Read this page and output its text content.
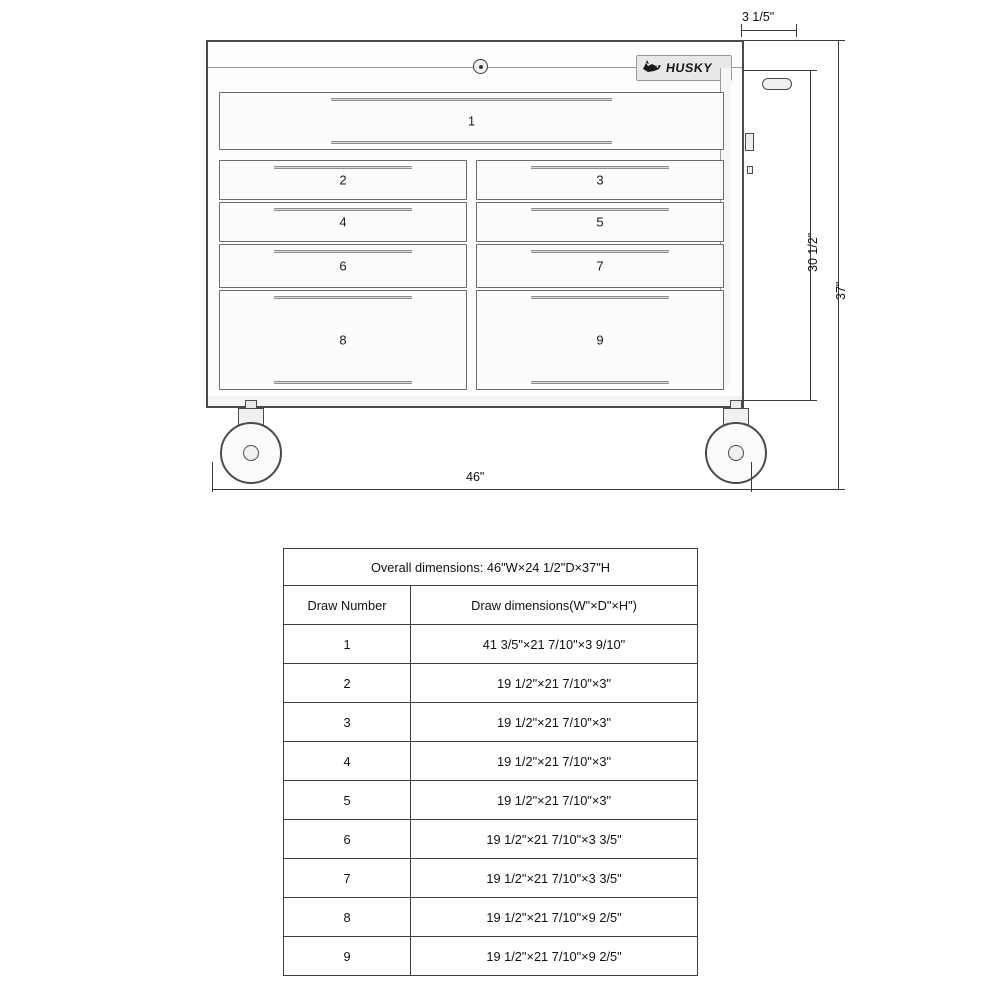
3 1/5"
HUSKY
1
2	3
4	5
6	7
8	9
30 1/2"
37"
46"
Overall dimensions: 46"W×24 1/2"D×37"H	
Draw Number	Draw dimensions(W"×D"×H")
1	41 3/5"×21 7/10"×3 9/10"
2	19 1/2"×21 7/10"×3"
3	19 1/2"×21 7/10"×3"
4	19 1/2"×21 7/10"×3"
5	19 1/2"×21 7/10"×3"
6	19 1/2"×21 7/10"×3 3/5"
7	19 1/2"×21 7/10"×3 3/5"
8	19 1/2"×21 7/10"×9 2/5"
9	19 1/2"×21 7/10"×9 2/5"
